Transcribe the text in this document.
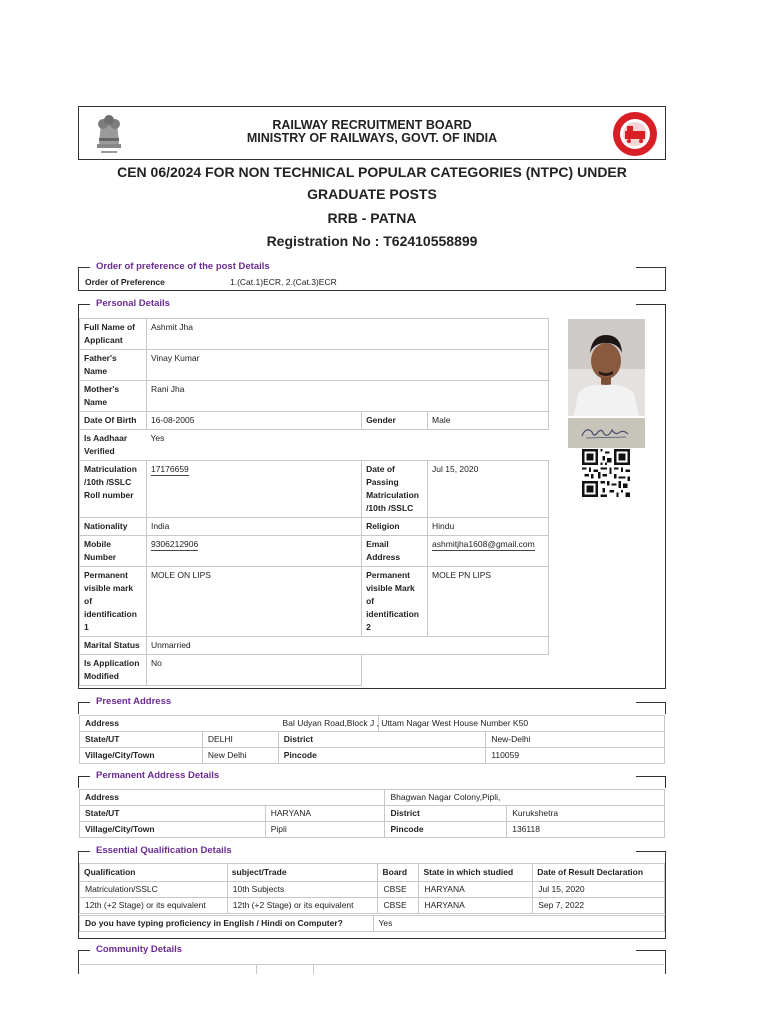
RAILWAY RECRUITMENT BOARD
MINISTRY OF RAILWAYS, GOVT. OF INDIA
CEN 06/2024 FOR NON TECHNICAL POPULAR CATEGORIES (NTPC) UNDER
GRADUATE POSTS
RRB - PATNA
Registration No : T62410558899
Order of preference of the post Details
Order of Preference	1.(Cat.1)ECR, 2.(Cat.3)ECR
Personal Details
Full Name of Applicant	Ashmit Jha		
Father's Name	Vinay Kumar		
Mother's Name	Rani Jha		
Date Of Birth	16-08-2005	Gender	Male
Is Aadhaar Verified	Yes		
Matriculation /10th /SSLC Roll number	17176659	Date of Passing Matriculation /10th /SSLC	Jul 15, 2020
Nationality	India	Religion	Hindu
Mobile Number	9306212906	Email Address	ashmitjha1608@gmail.com
Permanent visible mark of identification 1	MOLE ON LIPS	Permanent visible Mark of identification 2	MOLE PN LIPS
Marital Status	Unmarried		
Is Application Modified	No		
Present Address
Address			Bal Udyan Road,Block J , Uttam Nagar West House Number K50	
State/UT	DELHI	District		New-Delhi
Village/City/Town	New Delhi	Pincode		110059
Permanent Address Details
Address		Bhagwan Nagar Colony,Pipli,	
State/UT	HARYANA	District	Kurukshetra
Village/City/Town	Pipli	Pincode	136118
Essential Qualification Details
Qualification	subject/Trade	Board	State in which studied	Date of Result Declaration
Matriculation/SSLC	10th Subjects	CBSE	HARYANA	Jul 15, 2020
12th (+2 Stage) or its equivalent	12th (+2 Stage) or its equivalent	CBSE	HARYANA	Sep 7, 2022
Do you have typing proficiency in English / Hindi on Computer?	Yes
Community Details
